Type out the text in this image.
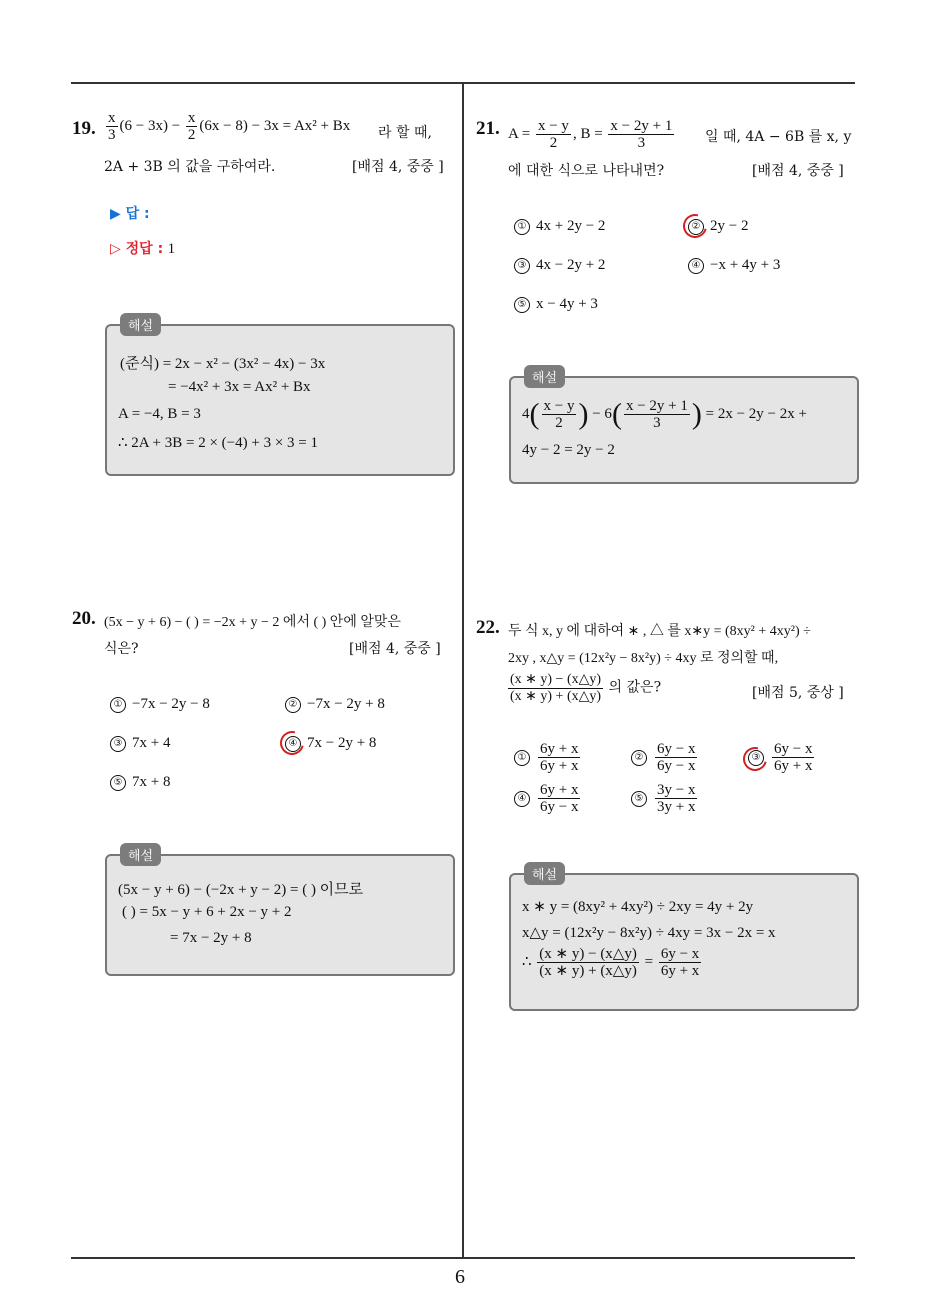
6
19. $\frac{x}{3} (6 - 3x) - \frac{x}{2} (6x - 8) - 3x = Ax^2 + Bx$ 라 할 때,
2A + 3B 의 값을 구하여라.	[배점 4, 중중 ]
▶ 답 :
▷ 정답 : 1
해설
(준식) = 2x − x² − (3x² − 4x) − 3x
= −4x² + 3x = Ax² + Bx
A = −4, B = 3
∴ 2A + 3B = 2 × (−4) + 3 × 3 = 1
20. (5x − y + 6) − ( ) = −2x + y − 2 에서 ( ) 안에 알맞은
식은?	[배점 4, 중중 ]
① −7x − 2y − 8	② −7x − 2y + 8
③ 7x + 4	④ 7x − 2y + 8
⑤ 7x + 8
해설
(5x − y + 6) − (−2x + y − 2) = ( ) 이므로
( ) = 5x − y + 6 + 2x − y + 2
= 7x − 2y + 8
21. $A = \frac{x - y}{2}$ , $B = \frac{x - 2y + 1}{3}$ 일 때, 4A − 6B 를 x, y
에 대한 식으로 나타내면?	[배점 4, 중중 ]
① 4x + 2y − 2	② 2y − 2
③ 4x − 2y + 2	④ −x + 4y + 3
⑤ x − 4y + 3
해설
$4( \frac{x - y}{2}$ ) − $6( \frac{x - 2y + 1}{3}$ ) = 2x − 2y − 2x +
4y − 2 = 2y − 2
22. 두 식 x, y 에 대하여 ∗ , △ 를 x∗y = (8xy² + 4xy²) ÷
2xy , x△y = (12x²y − 8x²y) ÷ 4xy 로 정의할 때,
$\frac{(x ∗ y) - (x\triangle y)}{(x ∗ y) + (x\triangle y)}$ 의 값은?	[배점 5, 중상 ]
① $\frac{6y + x}{6y + x}$	② $\frac{6y - x}{6y - x}$	③ $\frac{6y - x}{6y + x}$
④ $\frac{6y + x}{6y - x}$	⑤ $\frac{3y - x}{3y + x}$
해설
x ∗ y = (8xy² + 4xy²) ÷ 2xy = 4y + 2y
x△y = (12x²y − 8x²y) ÷ 4xy = 3x − 2x = x
∴ $\frac{(x ∗ y) - (x\triangle y)}{(x ∗ y) + (x\triangle y)} = \frac{6y - x}{6y + x}$
